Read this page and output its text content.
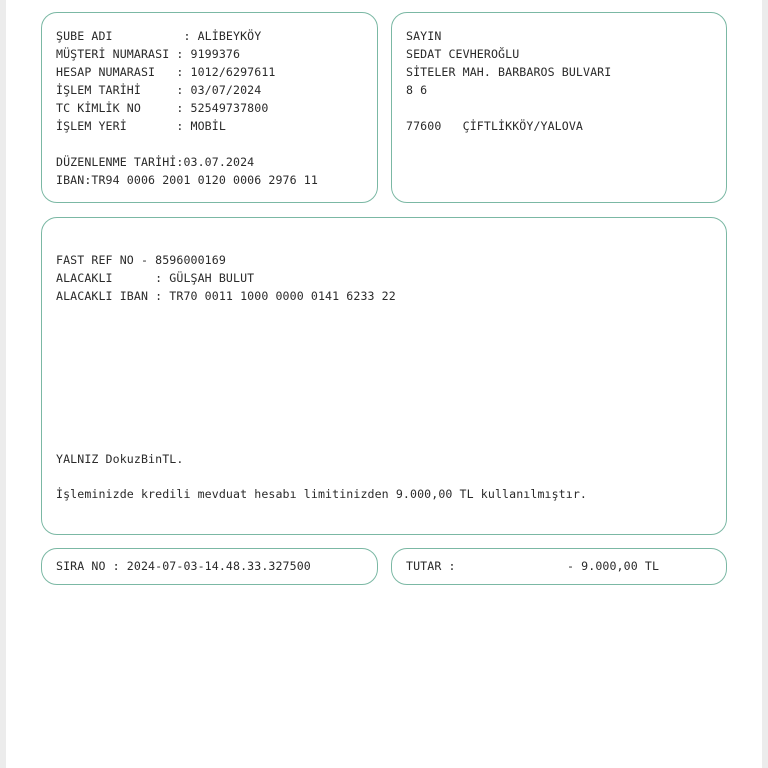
ŞUBE ADI          : ALİBEYKÖY
MÜŞTERİ NUMARASI : 9199376
HESAP NUMARASI   : 1012/6297611
İŞLEM TARİHİ     : 03/07/2024
TC KİMLİK NO     : 52549737800
İŞLEM YERİ       : MOBİL
DÜZENLENME TARİHİ:03.07.2024
IBAN:TR94 0006 2001 0120 0006 2976 11
SAYIN
SEDAT CEVHEROĞLU
SİTELER MAH. BARBAROS BULVARI
8 6
77600   ÇİFTLİKKÖY/YALOVA
FAST REF NO - 8596000169
ALACAKLI      : GÜLŞAH BULUT
ALACAKLI IBAN : TR70 0011 1000 0000 0141 6233 22
YALNIZ DokuzBinTL.
İşleminizde kredili mevduat hesabı limitinizden 9.000,00 TL kullanılmıştır.
SIRA NO : 2024-07-03-14.48.33.327500	TUTAR :	- 9.000,00 TL
